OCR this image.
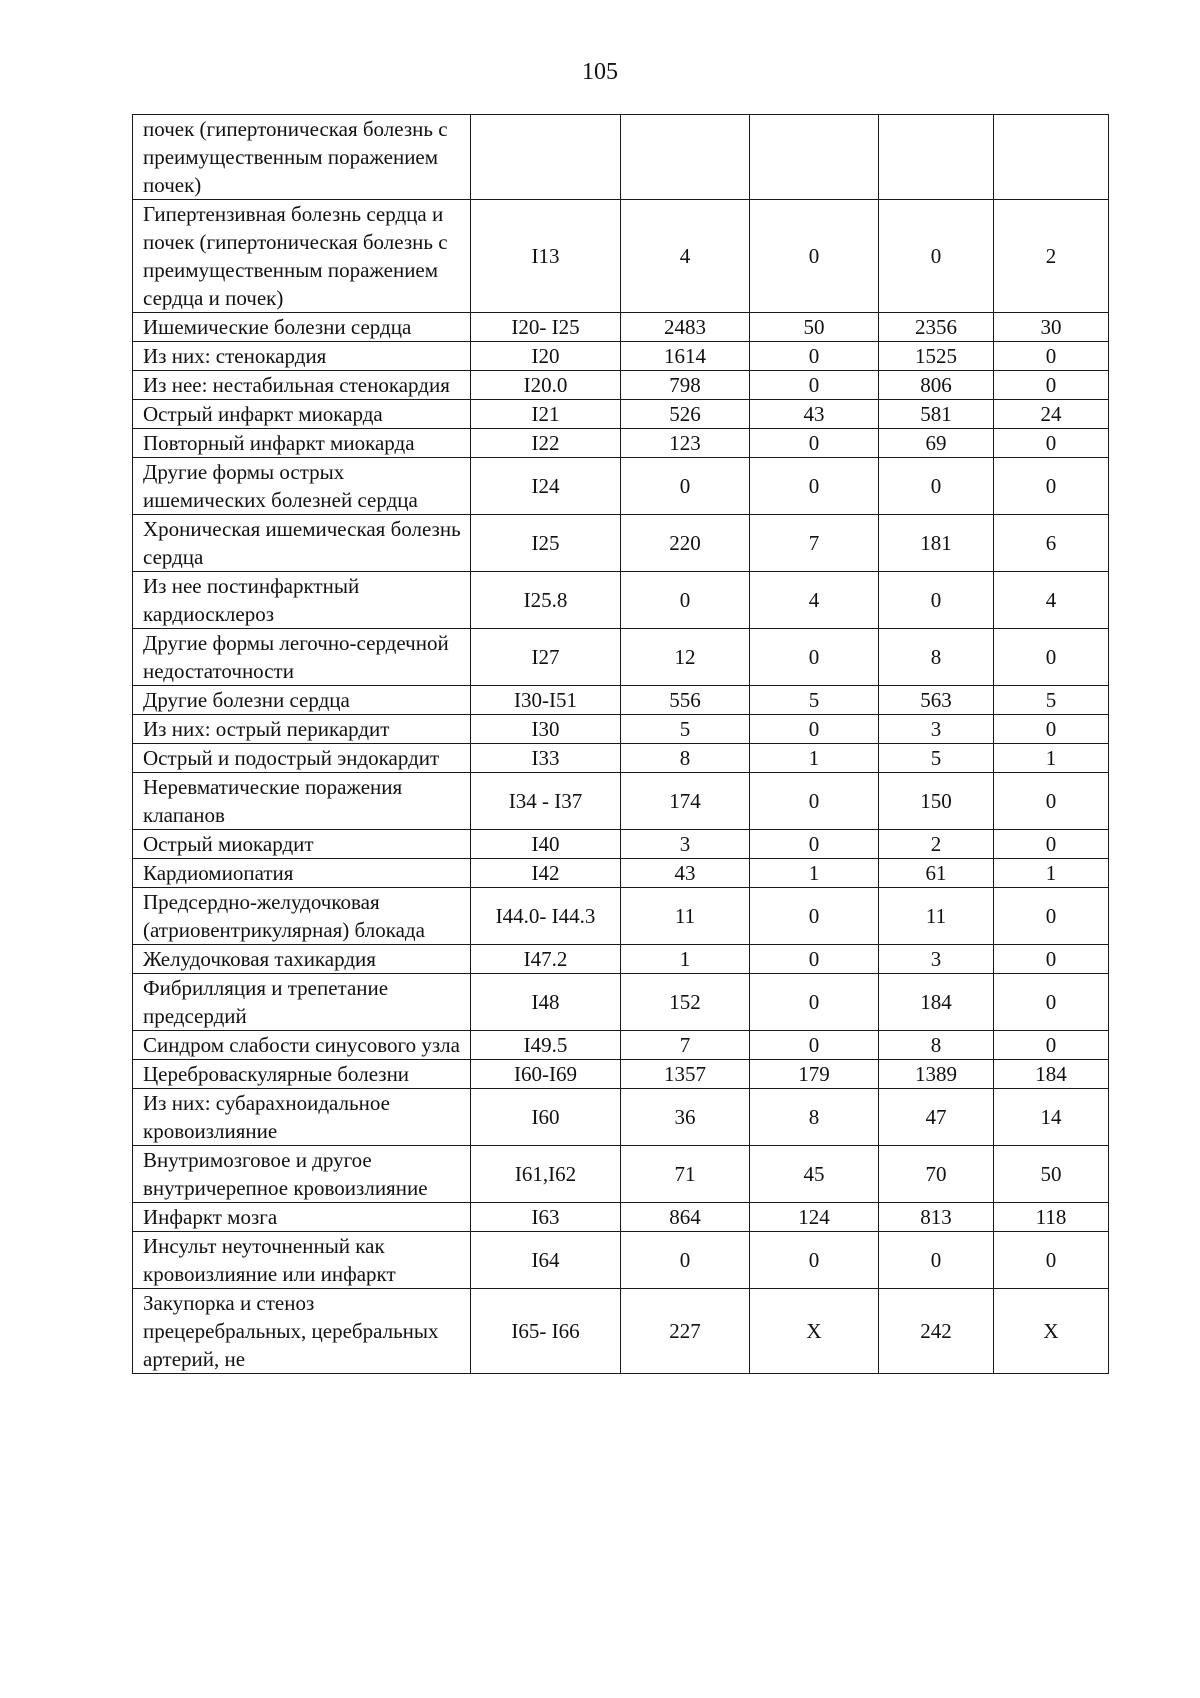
105
почек (гипертоническая болезнь с преимущественным поражением почек)					
Гипертензивная болезнь сердца и почек (гипертоническая болезнь с преимущественным поражением сердца и почек)	I13	4	0	0	2
Ишемические болезни сердца	I20- I25	2483	50	2356	30
Из них: стенокардия	I20	1614	0	1525	0
Из нее: нестабильная стенокардия	I20.0	798	0	806	0
Острый инфаркт миокарда	I21	526	43	581	24
Повторный инфаркт миокарда	I22	123	0	69	0
Другие формы острых ишемических болезней сердца	I24	0	0	0	0
Хроническая ишемическая болезнь сердца	I25	220	7	181	6
Из нее постинфарктный кардиосклероз	I25.8	0	4	0	4
Другие формы легочно-сердечной недостаточности	I27	12	0	8	0
Другие болезни сердца	I30-I51	556	5	563	5
Из них: острый перикардит	I30	5	0	3	0
Острый и подострый эндокардит	I33	8	1	5	1
Неревматические поражения клапанов	I34 - I37	174	0	150	0
Острый миокардит	I40	3	0	2	0
Кардиомиопатия	I42	43	1	61	1
Предсердно-желудочковая (атриовентрикулярная) блокада	I44.0- I44.3	11	0	11	0
Желудочковая тахикардия	I47.2	1	0	3	0
Фибрилляция и трепетание предсердий	I48	152	0	184	0
Синдром слабости синусового узла	I49.5	7	0	8	0
Цереброваскулярные болезни	I60-I69	1357	179	1389	184
Из них: субарахноидальное кровоизлияние	I60	36	8	47	14
Внутримозговое и другое внутричерепное кровоизлияние	I61,I62	71	45	70	50
Инфаркт мозга	I63	864	124	813	118
Инсульт неуточненный как кровоизлияние или инфаркт	I64	0	0	0	0
Закупорка и стеноз прецеребральных, церебральных артерий, не	I65- I66	227	X	242	X
